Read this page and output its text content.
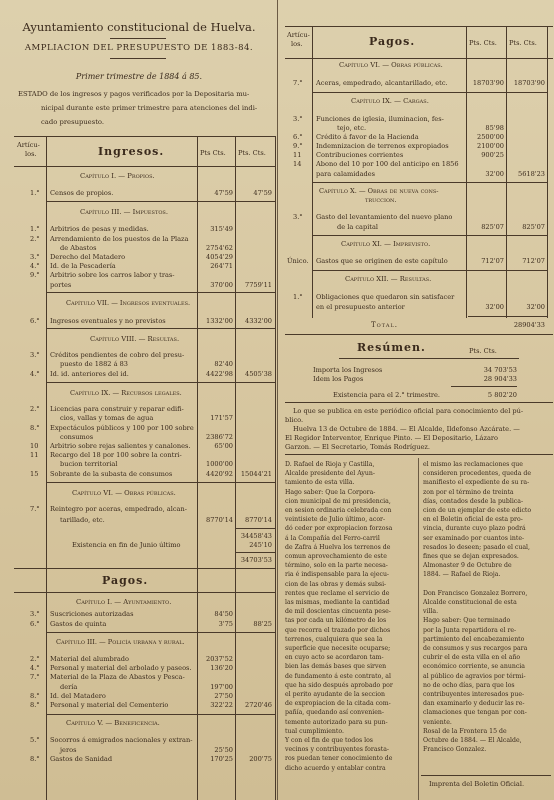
Ayuntamiento constitucional de Huelva.
AMPLIACION DEL PRESUPUESTO DE 1883-84.
Primer trimestre de 1884 á 85.
ESTADO de los ingresos y pagos verificados por la Depositaria mu-
nicipal durante este primer trimestre para atenciones del indi-
cado presupuesto.
Artícu-
los.	Ingresos.	Pts Cts. Pts. Cts.
Capítulo I. — Propios.
1.° Censos de propios.	47'59	47'59
Capítulo III. — Impuestos.
1.° Arbitrios de pesas y medidas.	315'49
2.° Arrendamiento de los puestos de la Plaza
de Abastos	2754'62
3.° Derecho del Matadero	4054'29
4.° Id. de la Pescadería	264'71
9.° Arbitrio sobre los carros labor y tras-
portes	370'00	7759'11
Capítulo VII. — Ingresos eventuales.
6.° Ingresos eventuales y no previstos	1332'00	4332'00
Capítulo VIII. — Resultas.
3.° Créditos pendientes de cobro del presu-
puesto de 1882 á 83	82'40
4.° Id. id. anteriores del id.	4422'98	4505'38
Capítulo IX. — Recursos legales.
2.° Licencias para construir y reparar edifi-
cios, vallas y tomas de agua	171'57
8.° Expectáculos públicos y 100 por 100 sobre
consumos	2386'72
10 Arbitrio sobre rejas salientes y canalones.	65'00
11 Recargo del 18 por 100 sobre la contri-
bucion territorial	1000'00
15 Sobrante de la subasta de consumos	4420'92	15044'21
Capítulo VI. — Obras públicas.
7.° Reintegro por aceras, empedrado, alcan-
tarillado, etc.	8770'14	8770'14
34458'43
Existencia en fin de Junio último	245'10
34703'53
Pagos.
Capítulo I. — Ayuntamiento.
3.° Suscriciones autorizadas	84'50
6.° Gastos de quinta	3'75	88'25
Capítulo III. — Policía urbana y rural.
2.° Material del alumbrado	2037'52
4.° Personal y material del arbolado y paseos.	136'20
7.° Material de la Plaza de Abastos y Pesca-
dería	197'00
8.° Id. del Matadero	27'50
8.° Personal y material del Cementerio	322'22	2720'46
Capítulo V. — Beneficencia.
5.° Socorros á emigrados nacionales y extran-
jeros	25'50
8.° Gastos de Sanidad	170'25	200'75
Artícu-
los.	Pagos.	Pts. Cts. Pts. Cts.
Capítulo VI. — Obras públicas.
7.° Aceras, empedrado, alcantarillado, etc.	18703'90	18703'90
Capítulo IX. — Cargas.
3.° Funciones de iglesia, iluminacion, fes-
tejo, etc.	85'98
6.° Crédito á favor de la Hacienda	2500'00
9.° Indemnizacion de terrenos expropiados	2100'00
11 Contribuciones corrientes	900'25
14 Abono del 10 por 100 del anticipo en 1856
para calamidades	32'00	5618'23
Capítulo X. — Obras de nueva cons-
truccion.
3.° Gasto del levantamiento del nuevo plano
de la capital	825'07	825'07
Capítulo XI. — Imprevisto.
Único. Gastos que se originen de este capítulo	712'07	712'07
Capítulo XII. — Resultas.
1.° Obligaciones que quedaron sin satisfacer
en el presupuesto anterior	32'00	32'00
Total.	28904'33
Resúmen.	Pts. Cts.
Importa los Ingresos	34 703'53
Idem los Pagos	28 904'33
Existencia para el 2.° trimestre.	5 802'20
Lo que se publica en este periódico oficial para conocimiento del pú-
blico.
Huelva 13 de Octubre de 1884. — El Alcalde, Ildefonso Azcárate. —
El Regidor Interventor, Enrique Pinto. — El Depositario, Lázaro
Garzon. — El Secretario, Tomás Rodríguez.
D. Rafael de Rioja y Castilla,
Alcalde presidente del Ayun-
tamiento de esta villa.
Hago saber: Que la Corpora-
cion municipal de mi presidencia,
en sesion ordinaria celebrada con
veintisiete de Julio último, acor-
dó ceder por expropiacion forzosa
á la Compañía del Ferro-carril
de Zafra á Huelva los terrenos de
comun aprovechamiento de este
término, solo en la parte necesa-
ria é indispensable para la ejecu-
cion de las obras y demás subsi-
rentes que reclame el servicio de
las mismas, mediante la cantidad
de mil doscientas cincuenta pese-
tas por cada un kilómetro de los
que recorra el trazado por dichos
terrenos, cualquiera que sea la
superficie que necesite ocuparse;
en cuyo acto se acordaron tam-
bien las demás bases que sirven
de fundamento á este contrato, al
que ha sido después aprobado por
el perito ayudante de la seccion
de expropiacion de la citada com-
pañía, quedando así convenien-
temente autorizado para su pun-
tual cumplimiento.
Y con el fin de que todos los
vecinos y contribuyentes forasta-
ros puedan tener conocimiento de
dicho acuerdo y entablar contra
el mismo las reclamaciones que
consideren procedentes, queda de
manifiesto el expediente de su ra-
zon por el término de treinta
días, contados desde la publica-
cion de un ejemplar de este edicto
en el Boletin oficial de esta pro-
vincia, durante cuyo plazo podrá
ser examinado por cuantos inte-
resados lo deseen; pasado el cual,
fines que se dejan expresados.
Almonaster 9 de Octubre de
1884. — Rafael de Rioja.
Don Francisco Gonzalez Borrero,
Alcalde constitucional de esta
villa.
Hago saber: Que terminado
por la Junta repartidora el re-
partimiento del encabezamiento
de consumos y sus recargos para
cubrir el de esta villa en el año
económico corriente, se anuncia
al público de agravios por térmi-
no de ocho días, para que los
contribuyentes interesados pue-
dan examinarlo y deducir las re-
clamaciones que tengan por con-
veniente.
Rosal de la Frontera 15 de
Octubre de 1884. — El Alcalde,
Francisco Gonzalez.
Imprenta del Boletin Oficial.
